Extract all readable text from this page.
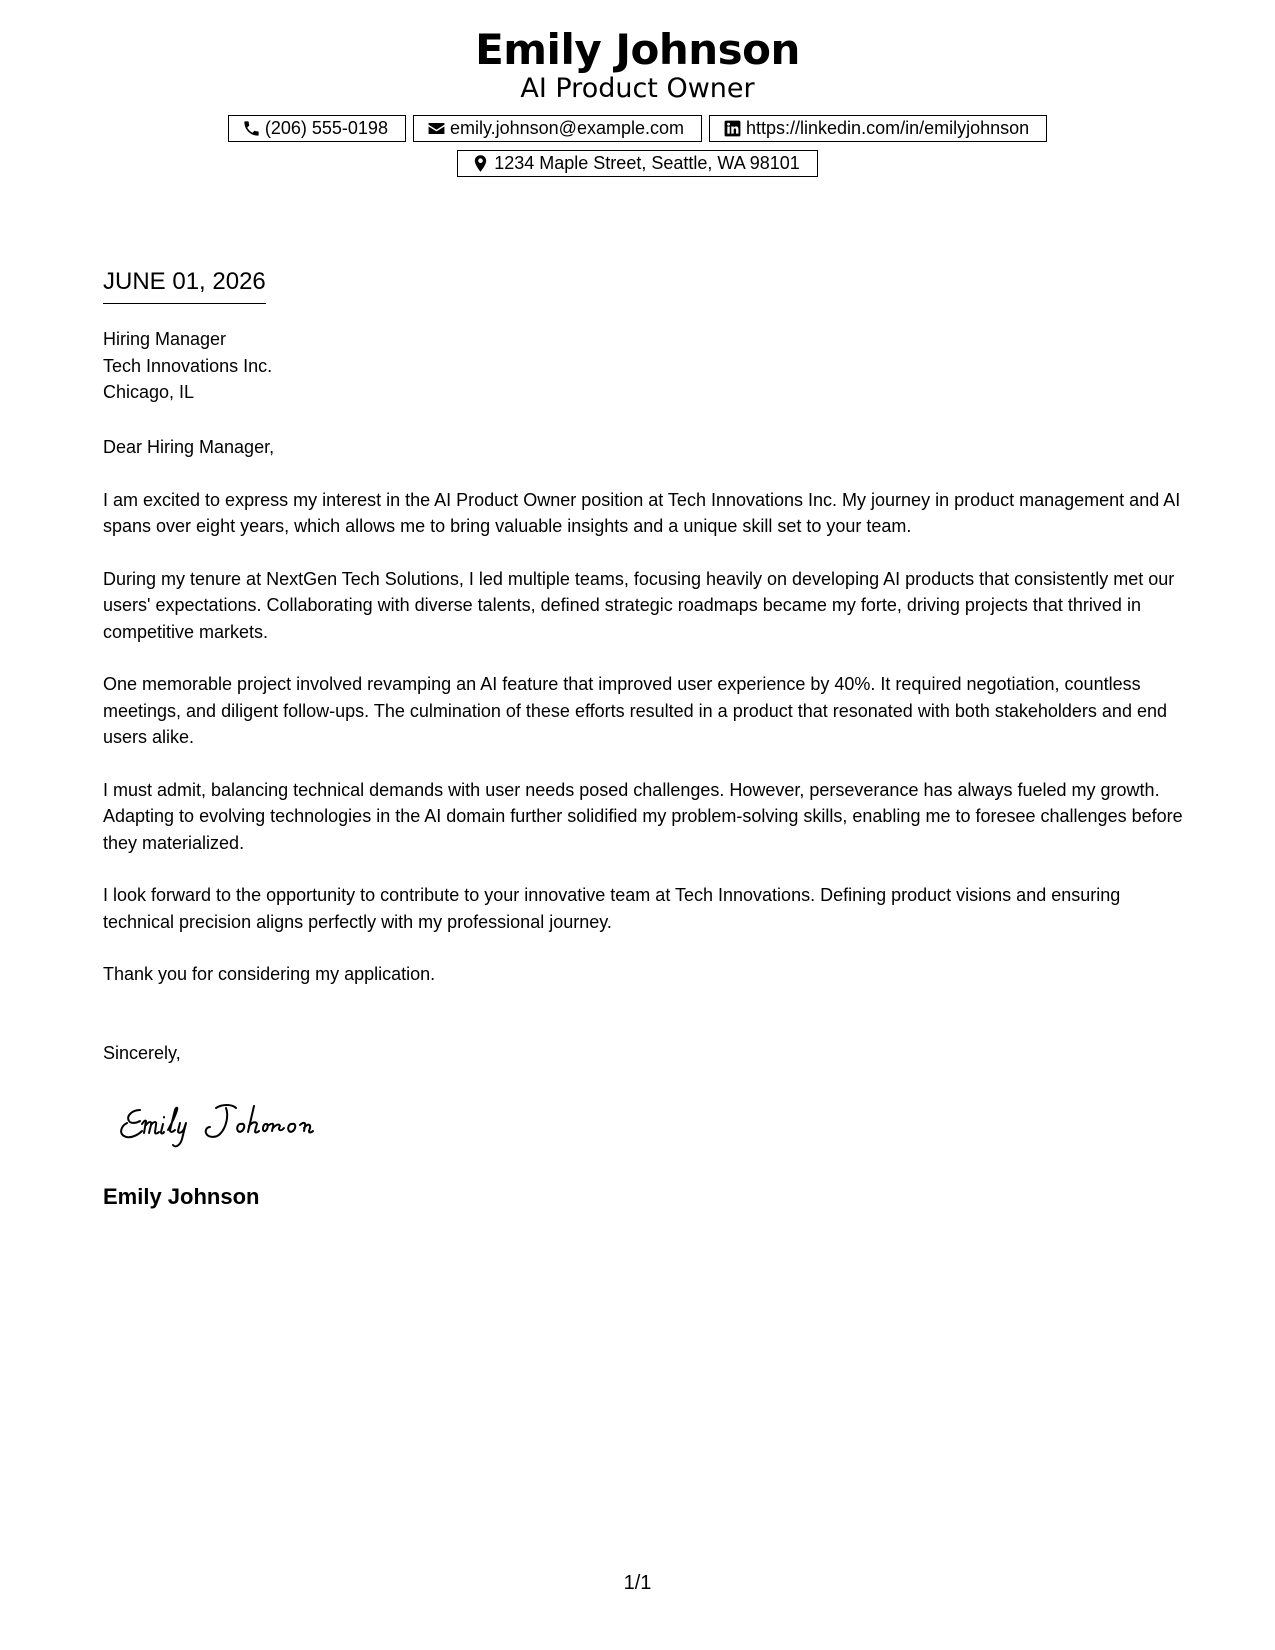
Emily Johnson
AI Product Owner
(206) 555-0198	emily.johnson@example.com	https://linkedin.com/in/emilyjohnson
1234 Maple Street, Seattle, WA 98101
JUNE 01, 2026
Hiring Manager
Tech Innovations Inc.
Chicago, IL

Dear Hiring Manager,

I am excited to express my interest in the AI Product Owner position at Tech Innovations Inc. My journey in product management and AI spans over eight years, which allows me to bring valuable insights and a unique skill set to your team.

During my tenure at NextGen Tech Solutions, I led multiple teams, focusing heavily on developing AI products that consistently met our users' expectations. Collaborating with diverse talents, defined strategic roadmaps became my forte, driving projects that thrived in competitive markets.

One memorable project involved revamping an AI feature that improved user experience by 40%. It required negotiation, countless meetings, and diligent follow-ups. The culmination of these efforts resulted in a product that resonated with both stakeholders and end users alike.

I must admit, balancing technical demands with user needs posed challenges. However, perseverance has always fueled my growth. Adapting to evolving technologies in the AI domain further solidified my problem-solving skills, enabling me to foresee challenges before they materialized.

I look forward to the opportunity to contribute to your innovative team at Tech Innovations. Defining product visions and ensuring technical precision aligns perfectly with my professional journey.

Thank you for considering my application.

Sincerely,
Emily Johnson
1/1
